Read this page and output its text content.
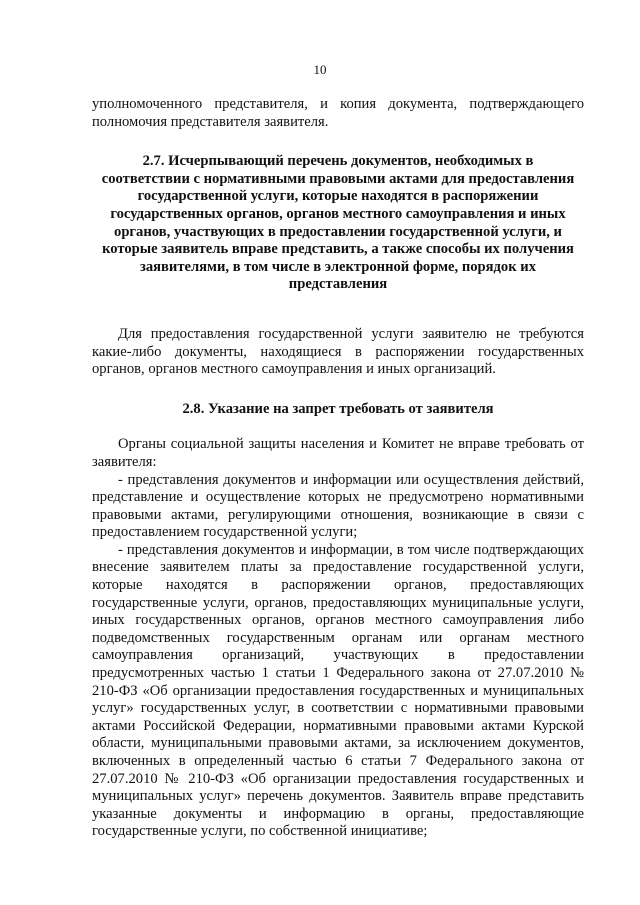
10

уполномоченного представителя, и копия документа, подтверждающего полномочия представителя заявителя.

2.7. Исчерпывающий перечень документов, необходимых в соответствии с нормативными правовыми актами для предоставления государственной услуги, которые находятся в распоряжении государственных органов, органов местного самоуправления и иных органов, участвующих в предоставлении государственной услуги, и которые заявитель вправе представить, а также способы их получения заявителями, в том числе в электронной форме, порядок их представления

Для предоставления государственной услуги заявителю не требуются какие-либо документы, находящиеся в распоряжении государственных органов, органов местного самоуправления и иных организаций.

2.8. Указание на запрет требовать от заявителя

Органы социальной защиты населения и Комитет не вправе требовать от заявителя:

- представления документов и информации или осуществления действий, представление и осуществление которых не предусмотрено нормативными правовыми актами, регулирующими отношения, возникающие в связи с предоставлением государственной услуги;

- представления документов и информации, в том числе подтверждающих внесение заявителем платы за предоставление государственной услуги, которые находятся в распоряжении органов, предоставляющих государственные услуги, органов, предоставляющих муниципальные услуги, иных государственных органов, органов местного самоуправления либо подведомственных государственным органам или органам местного самоуправления организаций, участвующих в предоставлении предусмотренных частью 1 статьи 1 Федерального закона от 27.07.2010 № 210-ФЗ «Об организации предоставления государственных и муниципальных услуг» государственных услуг, в соответствии с нормативными правовыми актами Российской Федерации, нормативными правовыми актами Курской области, муниципальными правовыми актами, за исключением документов, включенных в определенный частью 6 статьи 7 Федерального закона от 27.07.2010 № 210-ФЗ «Об организации предоставления государственных и муниципальных услуг» перечень документов. Заявитель вправе представить указанные документы и информацию в органы, предоставляющие государственные услуги, по собственной инициативе;
